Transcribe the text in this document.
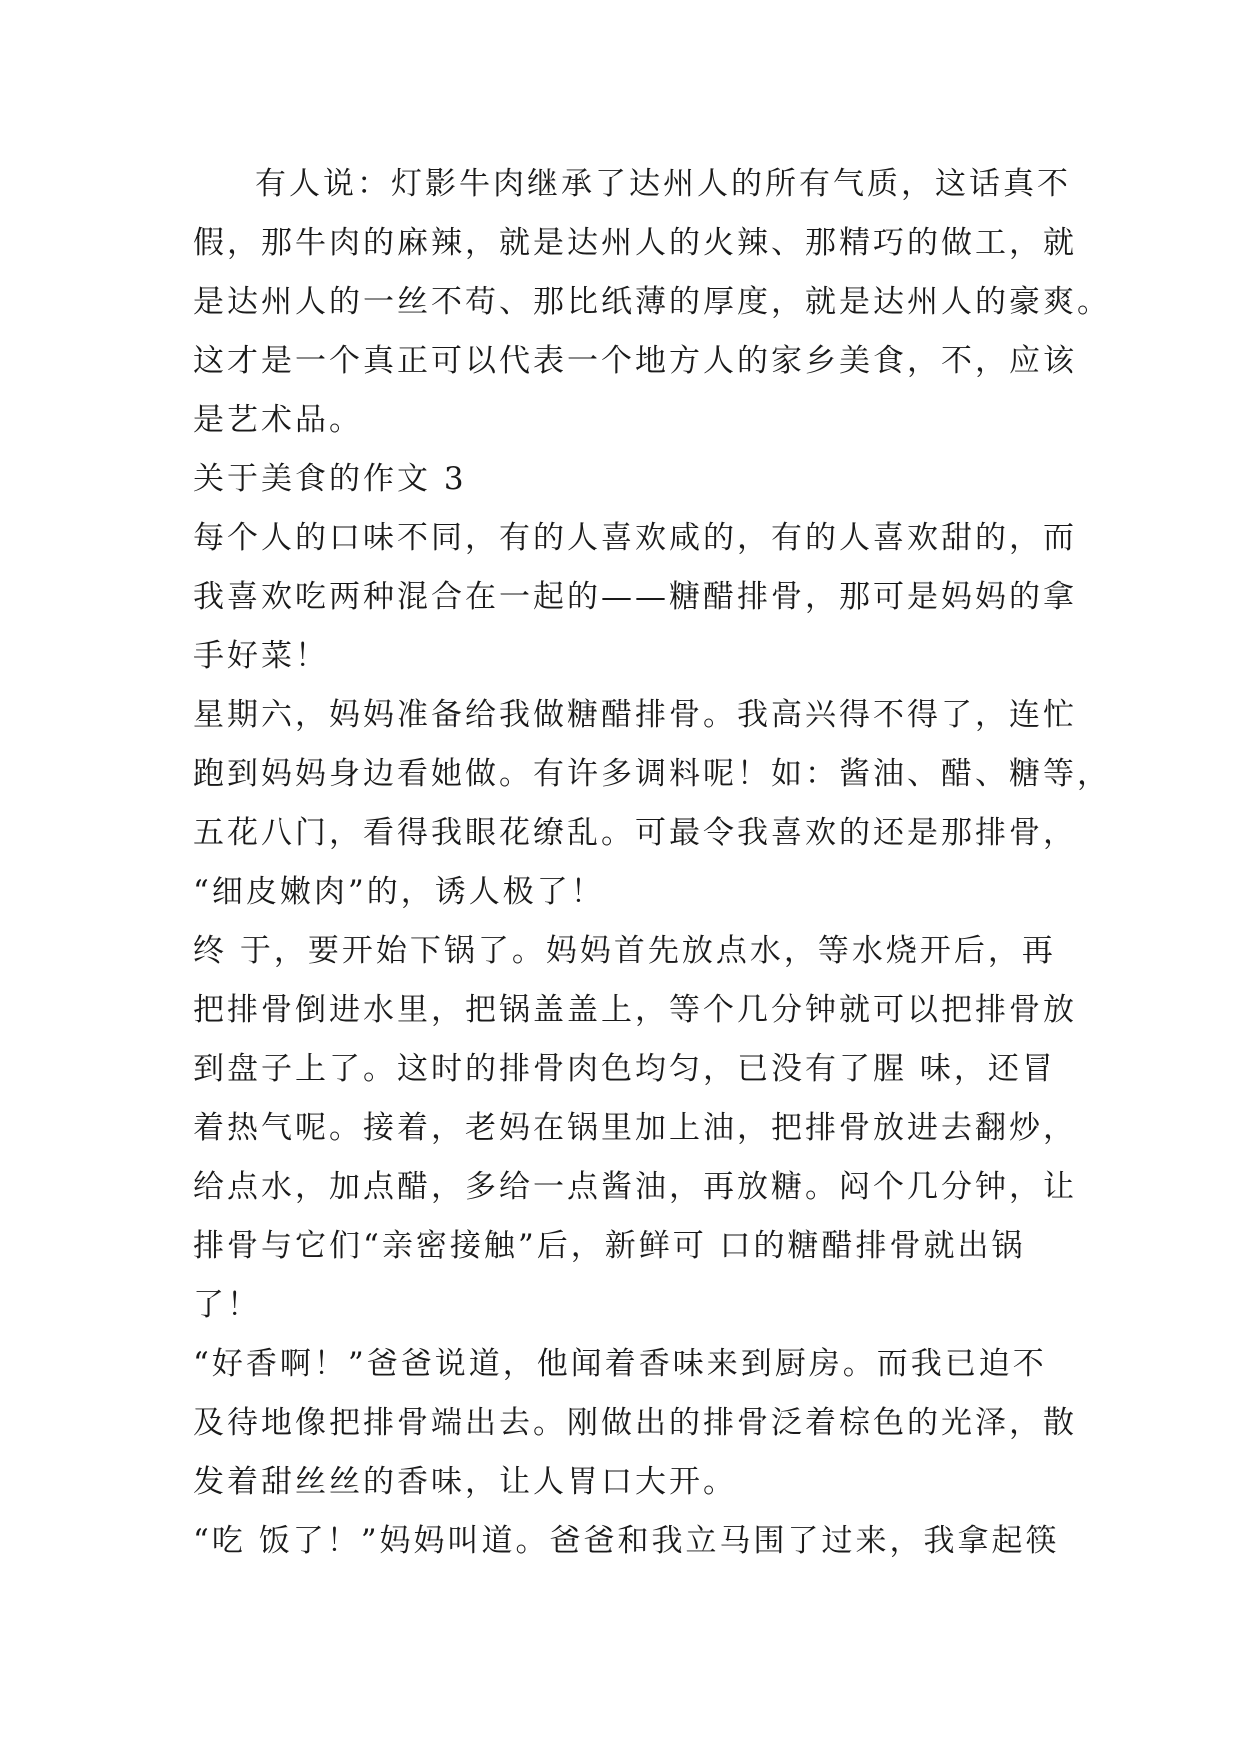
有人说：灯影牛肉继承了达州人的所有气质，这话真不
假，那牛肉的麻辣，就是达州人的火辣、那精巧的做工，就
是达州人的一丝不苟、那比纸薄的厚度，就是达州人的豪爽。
这才是一个真正可以代表一个地方人的家乡美食，不，应该
是艺术品。
关于美食的作文 3
每个人的口味不同，有的人喜欢咸的，有的人喜欢甜的，而
我喜欢吃两种混合在一起的——糖醋排骨，那可是妈妈的拿
手好菜！
星期六，妈妈准备给我做糖醋排骨。我高兴得不得了，连忙
跑到妈妈身边看她做。有许多调料呢！如：酱油、醋、糖等，
五花八门，看得我眼花缭乱。可最令我喜欢的还是那排骨，
“细皮嫩肉”的，诱人极了！
终 于，要开始下锅了。妈妈首先放点水，等水烧开后，再
把排骨倒进水里，把锅盖盖上，等个几分钟就可以把排骨放
到盘子上了。这时的排骨肉色均匀，已没有了腥 味，还冒
着热气呢。接着，老妈在锅里加上油，把排骨放进去翻炒，
给点水，加点醋，多给一点酱油，再放糖。闷个几分钟，让
排骨与它们“亲密接触”后，新鲜可 口的糖醋排骨就出锅
了！
“好香啊！”爸爸说道，他闻着香味来到厨房。而我已迫不
及待地像把排骨端出去。刚做出的排骨泛着棕色的光泽，散
发着甜丝丝的香味，让人胃口大开。
“吃 饭了！”妈妈叫道。爸爸和我立马围了过来，我拿起筷
